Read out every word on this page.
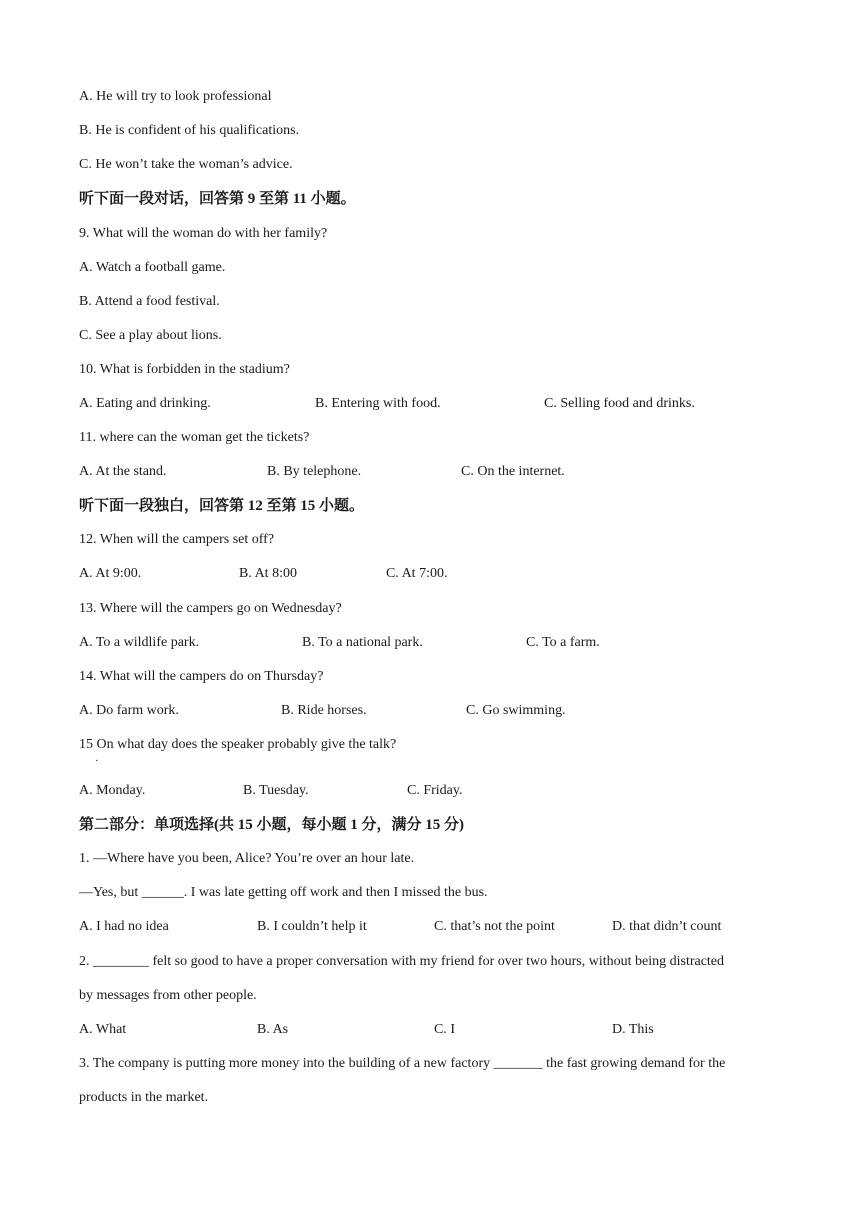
A. He will try to look professional
B. He is confident of his qualifications.
C. He won’t take the woman’s advice.
听下面一段对话，回答第 9 至第 11 小题。
9. What will the woman do with her family?
A. Watch a football game.
B. Attend a food festival.
C. See a play about lions.
10. What is forbidden in the stadium?
A. Eating and drinking.	B. Entering with food.	C. Selling food and drinks.
11. where can the woman get the tickets?
A. At the stand.	B. By telephone.	C. On the internet.
听下面一段独白，回答第 12 至第 15 小题。
12. When will the campers set off?
A. At 9:00.	B. At 8:00	C. At 7:00.
13. Where will the campers go on Wednesday?
A. To a wildlife park.	B. To a national park.	C. To a farm.
14. What will the campers do on Thursday?
A. Do farm work.	B. Ride horses.	C. Go swimming.
15 On what day does the speaker probably give the talk?
·
A. Monday.	B. Tuesday.	C. Friday.
第二部分：单项选择(共 15 小题，每小题 1 分，满分 15 分)
1. —Where have you been, Alice? You’re over an hour late.
—Yes, but ______. I was late getting off work and then I missed the bus.
A. I had no idea	B. I couldn’t help it	C. that’s not the point	D. that didn’t count
2. ________ felt so good to have a proper conversation with my friend for over two hours, without being distracted
by messages from other people.
A. What	B. As	C. I	D. This
3. The company is putting more money into the building of a new factory _______ the fast growing demand for the
products in the market.
